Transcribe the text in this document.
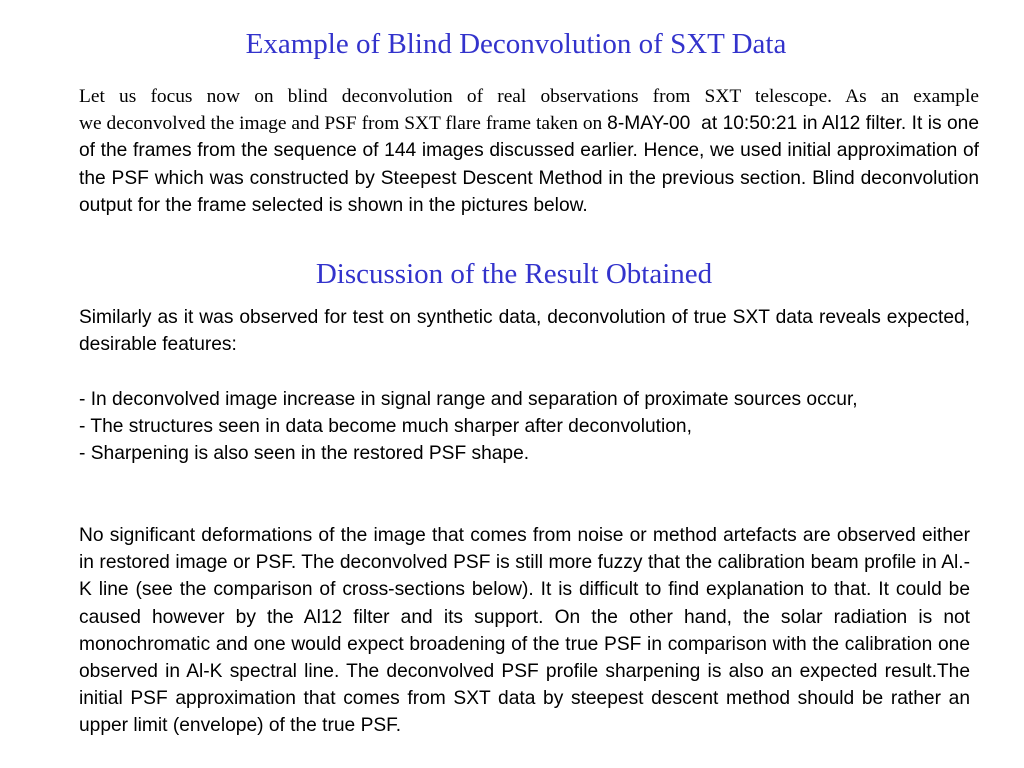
Example of Blind Deconvolution of SXT Data

Let us focus now on blind deconvolution of real observations from SXT telescope. As an example
we deconvolved the image and PSF from SXT flare frame taken on 8-MAY-00  at 10:50:21 in Al12 filter. It is one of the frames from the sequence of 144 images discussed earlier. Hence, we used initial approximation of the PSF which was constructed by Steepest Descent Method in the previous section. Blind deconvolution output for the frame selected is shown in the pictures below.

Discussion of the Result Obtained

Similarly as it was observed for test on synthetic data, deconvolution of true SXT data reveals expected, desirable features:

- In deconvolved image increase in signal range and separation of proximate sources occur,
- The structures seen in data become much sharper after deconvolution,
- Sharpening is also seen in the restored PSF shape.

No significant deformations of the image that comes from noise or method artefacts are observed either in restored image or PSF. The deconvolved PSF is still more fuzzy that the calibration beam profile in Al.-K line (see the comparison of cross-sections below). It is difficult to find explanation to that. It could be caused however by the Al12 filter and its support. On the other hand, the solar radiation is not monochromatic and one would expect broadening of the true PSF in comparison with the calibration one observed in Al-K spectral line. The deconvolved PSF profile sharpening is also an expected result.The initial PSF approximation that comes from SXT data by steepest descent method should be rather an upper limit (envelope) of the true PSF.
